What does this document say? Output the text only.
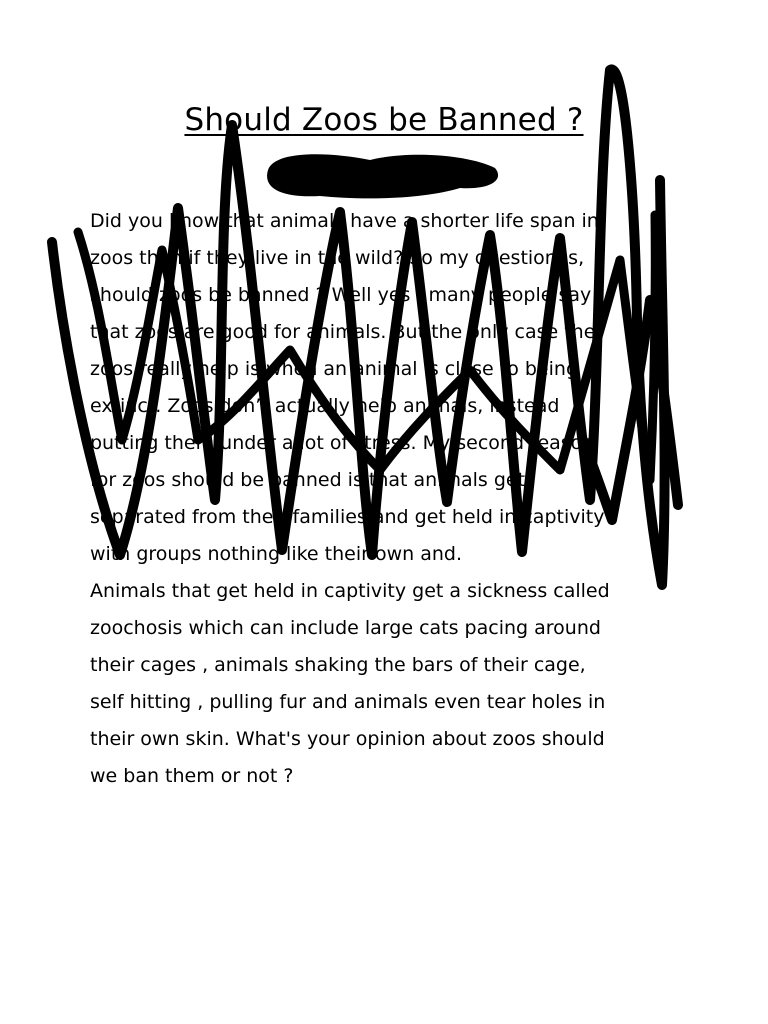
Should Zoos be Banned ?
Did you know that animals have a shorter life span in
zoos than if they live in the wild? So my question is,
should zoos be banned ? Well yes , many people say
that zoos are good for animals. But the only case the
zoos really help is when an animal is close to being
extinct. Zoos don’t actually help animals, instead
putting them under a lot of stress. My second reason
for zoos should be banned is that animals get
separated from their families and get held in captivity
with groups nothing like their own and.
Animals that get held in captivity get a sickness called
zoochosis which can include large cats pacing around
their cages , animals shaking the bars of their cage,
self hitting , pulling fur and animals even tear holes in
their own skin. What's your opinion about zoos should
we ban them or not ?
